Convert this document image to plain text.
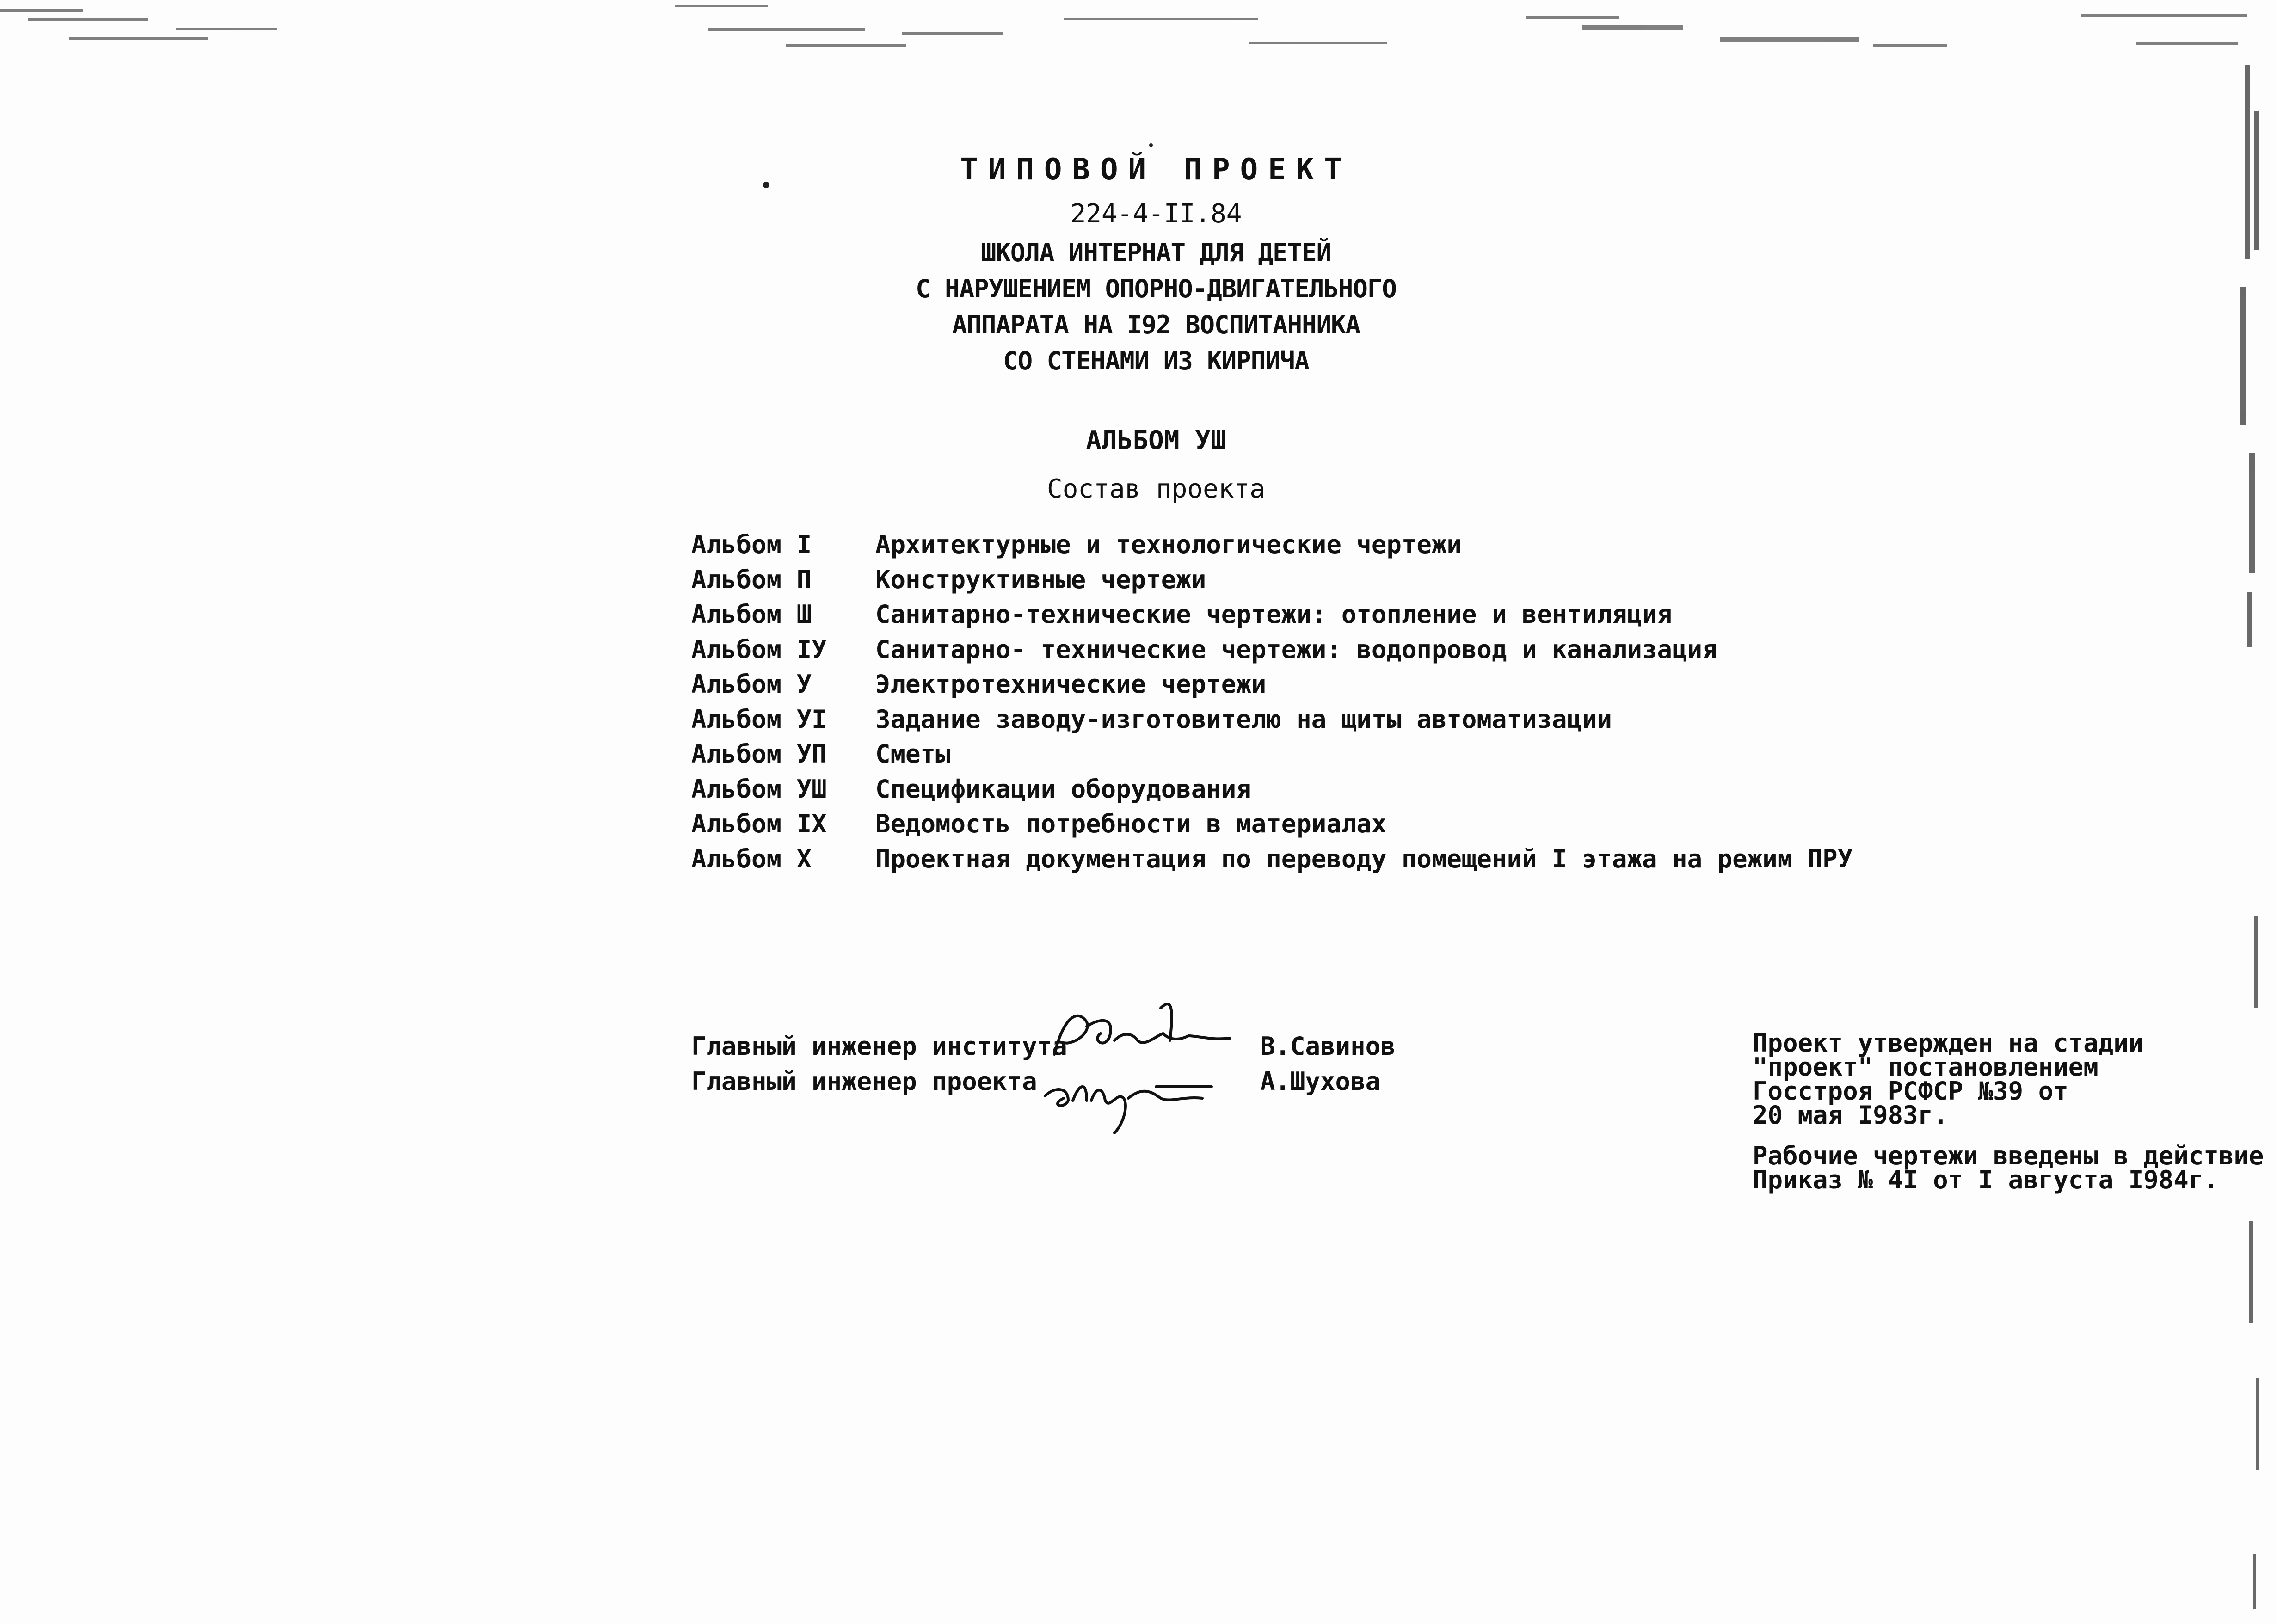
ТИПОВОЙ ПРОЕКТ
224-4-II.84
ШКОЛА ИНТЕРНАТ ДЛЯ ДЕТЕЙ
С НАРУШЕНИЕМ ОПОРНО-ДВИГАТЕЛЬНОГО
АППАРАТА НА I92 ВОСПИТАННИКА
СО СТЕНАМИ ИЗ КИРПИЧА
АЛЬБОМ УШ
Состав проекта
Альбом I	Архитектурные и технологические чертежи
Альбом П	Конструктивные чертежи
Альбом Ш	Санитарно-технические чертежи: отопление и вентиляция
Альбом IУ	Санитарно- технические чертежи: водопровод и канализация
Альбом У	Электротехнические чертежи
Альбом УI	Задание заводу-изготовителю на щиты автоматизации
Альбом УП	Сметы
Альбом УШ	Спецификации оборудования
Альбом IX	Ведомость потребности в материалах
Альбом X	Проектная документация по переводу помещений I этажа на режим ПРУ
Главный инженер института	В.Савинов
Главный инженер проекта	А.Шухова
Проект утвержден на стадии
"проект" постановлением
Госстроя РСФСР №39 от
20 мая I983г.
Рабочие чертежи введены в действие
Приказ № 4I от I августа I984г.
